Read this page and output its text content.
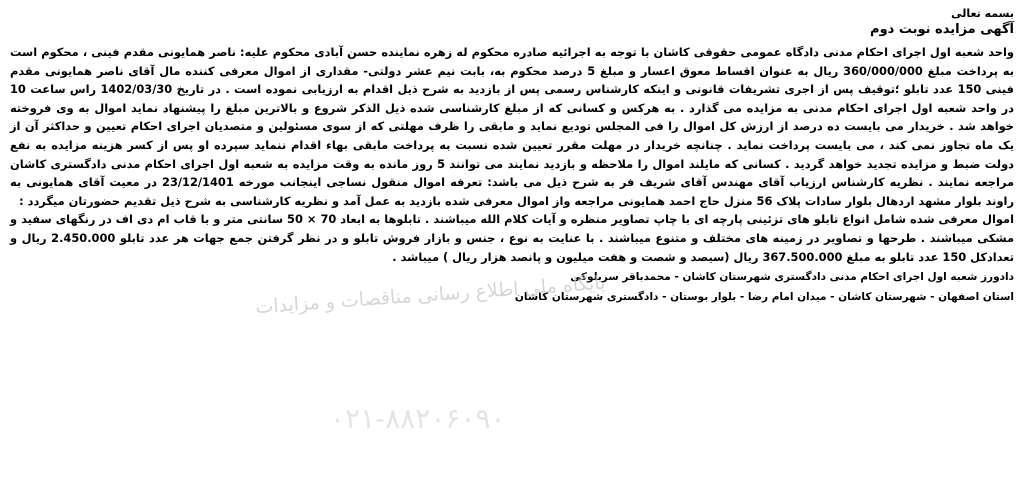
بسمه تعالی
آگهی مزایده نوبت دوم
واحد شعبه اول اجرای احکام مدنی دادگاه عمومی حقوقی کاشان با توجه به اجرائیه صادره محکوم له زهره نماینده حسن آبادی محکوم علیه: ناصر همایونی مقدم فینی ، محکوم است به پرداخت مبلغ 360/000/000 ریال به عنوان اقساط معوق اعسار و مبلغ 5 درصد محکوم به، بابت نیم عشر دولتی- مقداری از اموال معرفی کننده مال آقای ناصر همایونی مقدم فینی 150 عدد تابلو ؛توقیف پس از اجری تشریفات قانونی و اینکه کارشناس رسمی پس از بازدید به شرح ذیل اقدام به ارزیابی نموده است . در تاریخ 1402/03/30 راس ساعت 10 در واحد شعبه اول اجرای احکام مدنی به مزایده می گذارد . به هرکس و کسانی که از مبلغ کارشناسی شده ذیل الذکر شروع و بالاترین مبلغ را پیشنهاد نماید اموال به وی فروخته خواهد شد . خریدار می بایست ده درصد از ارزش کل اموال را فی المجلس تودیع نماید و مابقی را ظرف مهلتی که از سوی مسئولین و متصدیان اجرای احکام تعیین و حداکثر آن از یک ماه تجاوز نمی کند ، می بایست پرداخت نماید . چنانچه خریدار در مهلت مقرر تعیین شده نسبت به پرداخت مابقی بهاء اقدام ننماید سپرده او پس از کسر هزینه مزایده به نفع دولت ضبط و مزایده تجدید خواهد گردید . کسانی که مایلند اموال را ملاحظه و بازدید نمایند می توانند 5 روز مانده به وقت مزایده به شعبه اول اجرای احکام مدنی دادگستری کاشان مراجعه نمایند . نظریه کارشناس ارزیاب آقای مهندس آقای شریف فر به شرح ذیل می باشد: تعرفه اموال منقول نساجی اینجانب مورخه 23/12/1401 در معیت آقای همایونی به راوند بلوار مشهد اردهال بلوار سادات پلاک 56 منزل حاج احمد همایونی مراجعه واز اموال معرفی شده بازدید به عمل آمد و نظریه کارشناسی به شرح ذیل تقدیم حضورتان میگردد :
اموال معرفی شده شامل انواع تابلو های تزئینی پارچه ای با چاپ تصاویر منظره و آیات کلام الله میباشند . تابلوها به ابعاد 70 × 50 سانتی متر و با قاب ام دی اف در رنگهای سفید و مشکی میباشند . طرحها و تصاویر در زمینه های مختلف و متنوع میباشند . با عنایت به نوع ، جنس و بازار فروش تابلو و در نظر گرفتن جمع جهات هر عدد تابلو 2.450.000 ریال و تعدادکل 150 عدد تابلو به مبلغ 367.500.000 ریال (سیصد و شصت و هفت میلیون و پانصد هزار ریال ) میباشد .
دادورز شعبه اول اجرای احکام مدنی دادگستری شهرستان کاشان - محمدباقر سربلوکی
استان اصفهان - شهرستان کاشان - میدان امام رضا - بلوار بوستان - دادگستری شهرستان کاشان
پایگاه ملی اطلاع رسانی مناقصات و مزایدات
۰۲۱-۸۸۲۰۶۰۹۰
